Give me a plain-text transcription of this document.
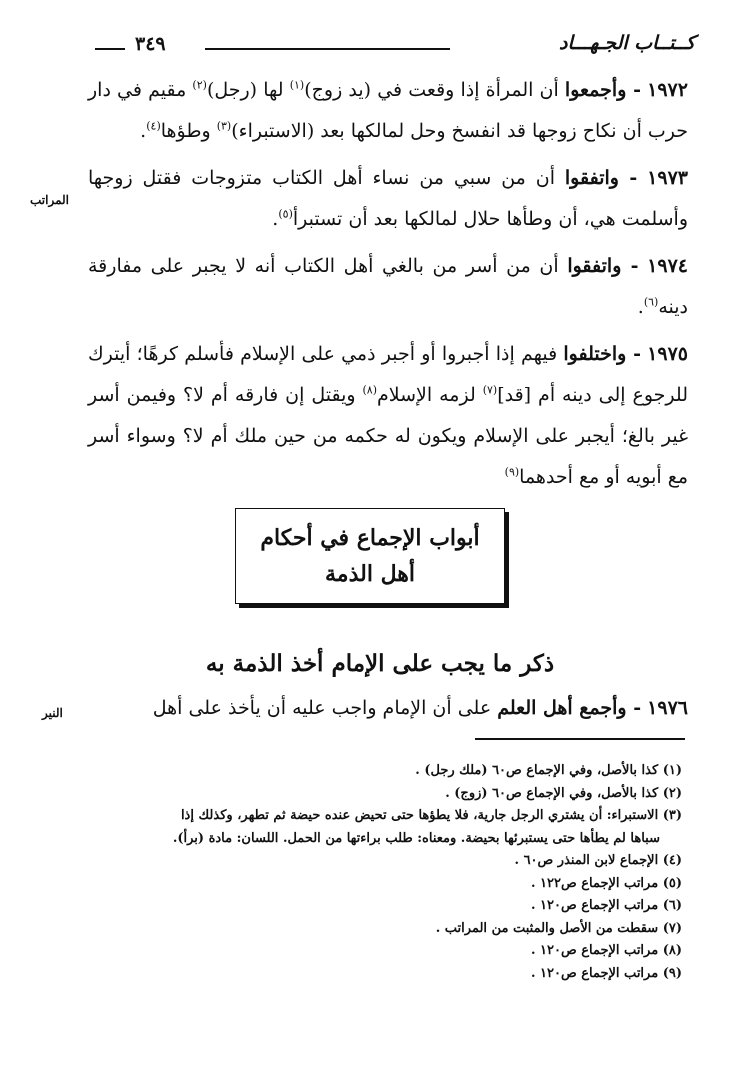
كــتــاب الجـهـــاد
٣٤٩

١٩٧٢ - وأجمعوا أن المرأة إذا وقعت في (يد زوج)$^{(١)}$ لها (رجل)$^{(٢)}$ مقيم في دار حرب أن نكاح زوجها قد انفسخ وحل لمالكها بعد (الاستبراء)$^{(٣)}$ وطؤها$^{(٤)}$.

١٩٧٣ - واتفقوا أن من سبي من نساء أهل الكتاب متزوجات فقتل زوجها وأسلمت هي، أن وطأها حلال لمالكها بعد أن تستبرأ$^{(٥)}$.

١٩٧٤ - واتفقوا أن من أسر من بالغي أهل الكتاب أنه لا يجبر على مفارقة دينه$^{(٦)}$.

١٩٧٥ - واختلفوا فيهم إذا أجبروا أو أجبر ذمي على الإسلام فأسلم كرهًا؛ أيترك للرجوع إلى دينه أم [قد]$^{(٧)}$ لزمه الإسلام$^{(٨)}$ ويقتل إن فارقه أم لا؟ وفيمن أسر غير بالغ؛ أيجبر على الإسلام ويكون له حكمه من حين ملك أم لا؟ وسواء أسر مع أبويه أو مع أحدهما$^{(٩)}$

المراتب
النير
أبواب الإجماع في أحكام أهل الذمة
ذكر ما يجب على الإمام أخذ الذمة به
١٩٧٦ - وأجمع أهل العلم على أن الإمام واجب عليه أن يأخذ على أهل
(١) كذا بالأصل، وفي الإجماع ص٦٠ (ملك رجل) .
(٢) كذا بالأصل، وفي الإجماع ص٦٠ (زوج) .
(٣) الاستبراء: أن يشتري الرجل جارية، فلا يطؤها حتى تحيض عنده حيضة ثم تطهر، وكذلك إذا
سباها لم يطأها حتى يستبرئها بحيضة. ومعناه: طلب براءتها من الحمل. اللسان: مادة (برأ).
(٤) الإجماع لابن المنذر ص٦٠ .
(٥) مراتب الإجماع ص١٢٢ .
(٦) مراتب الإجماع ص١٢٠ .
(٧) سقطت من الأصل والمثبت من المراتب .
(٨) مراتب الإجماع ص١٢٠ .
(٩) مراتب الإجماع ص١٢٠ .
